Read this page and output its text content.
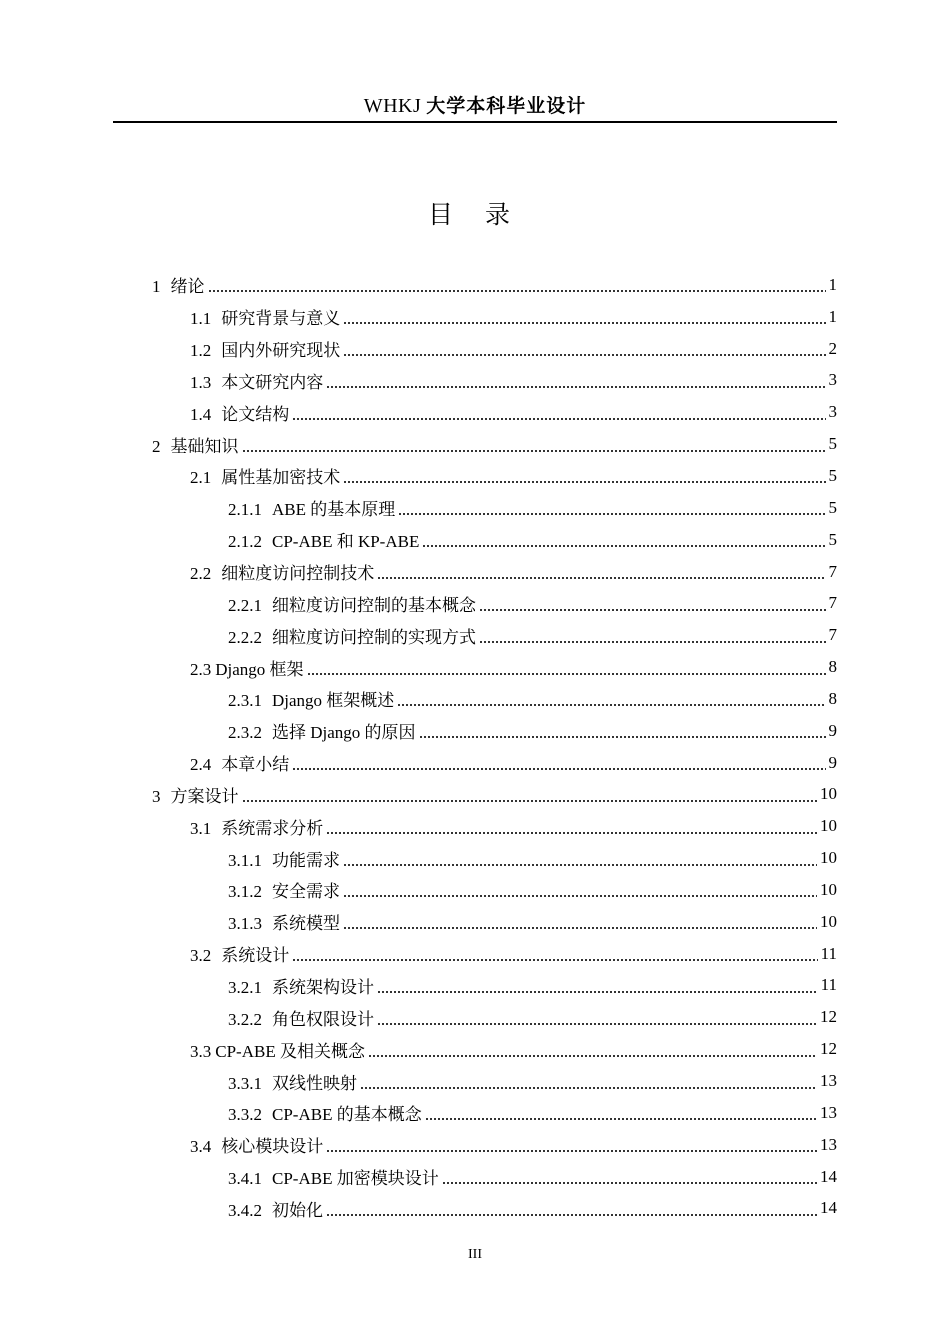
WHKJ 大学本科毕业设计
目 录
1 绪论	1
1.1 研究背景与意义	1
1.2 国内外研究现状	2
1.3 本文研究内容	3
1.4 论文结构	3
2 基础知识	5
2.1 属性基加密技术	5
2.1.1 ABE 的基本原理	5
2.1.2 CP-ABE 和 KP-ABE	5
2.2 细粒度访问控制技术	7
2.2.1 细粒度访问控制的基本概念	7
2.2.2 细粒度访问控制的实现方式	7
2.3 Django 框架	8
2.3.1 Django 框架概述	8
2.3.2 选择 Django 的原因	9
2.4 本章小结	9
3 方案设计	10
3.1 系统需求分析	10
3.1.1 功能需求	10
3.1.2 安全需求	10
3.1.3 系统模型	10
3.2 系统设计	11
3.2.1 系统架构设计	11
3.2.2 角色权限设计	12
3.3 CP-ABE 及相关概念	12
3.3.1 双线性映射	13
3.3.2 CP-ABE 的基本概念	13
3.4 核心模块设计	13
3.4.1 CP-ABE 加密模块设计	14
3.4.2 初始化	14
III
